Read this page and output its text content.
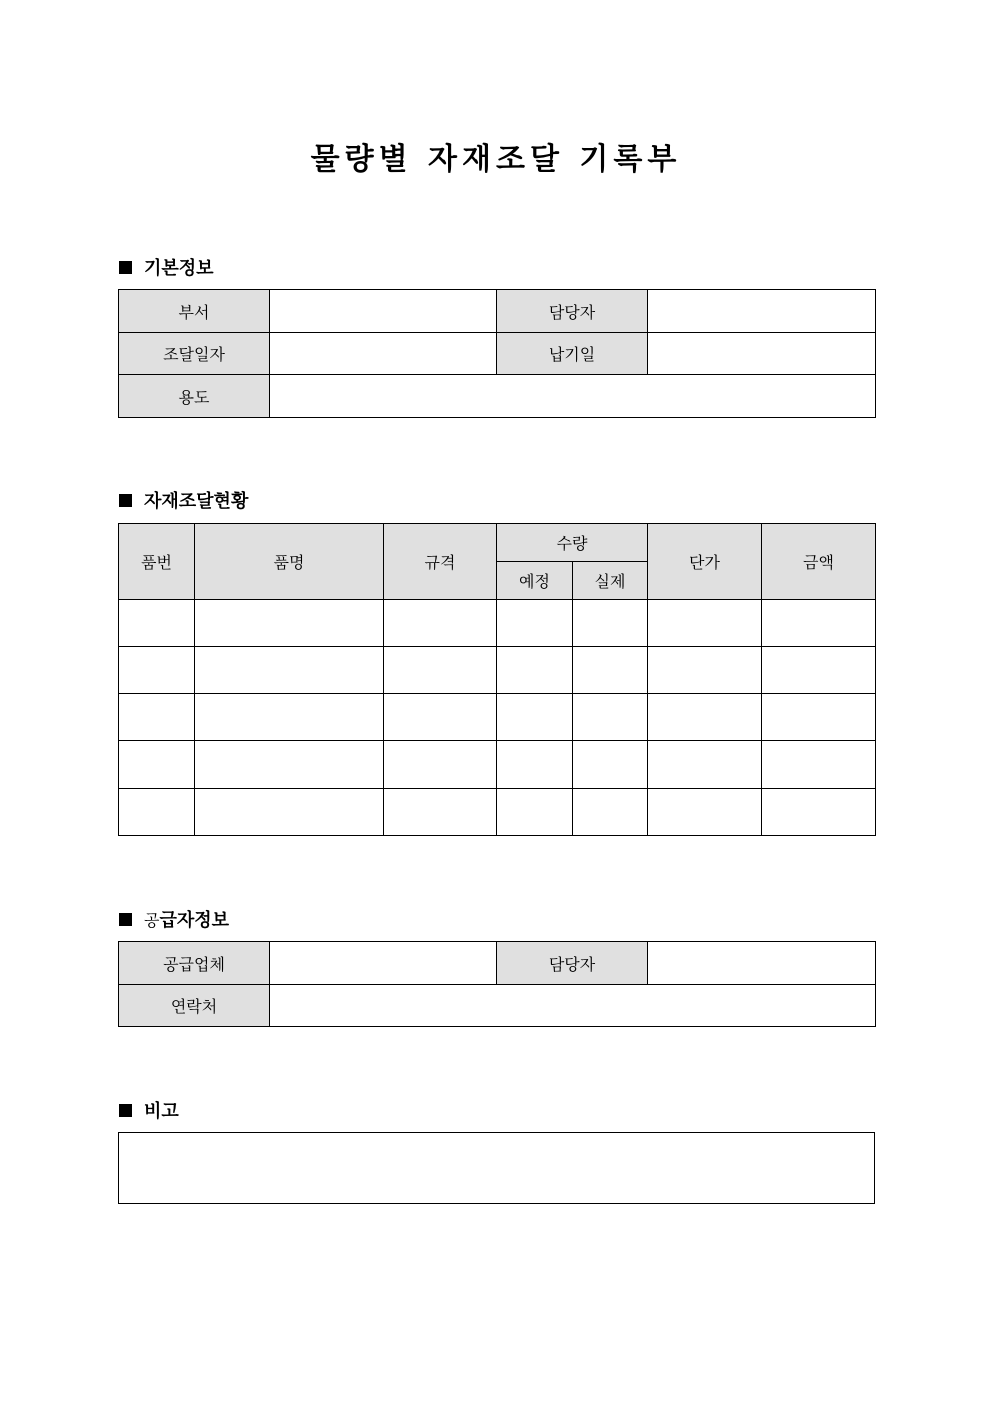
물량별 자재조달 기록부
기본정보
부서		담당자	
조달일자		납기일	
용도			
자재조달현황
품번	품명	규격	수량		단가	금액
			예정	실제		

공 급자정보
공급업체		담당자	
연락처			
비고
